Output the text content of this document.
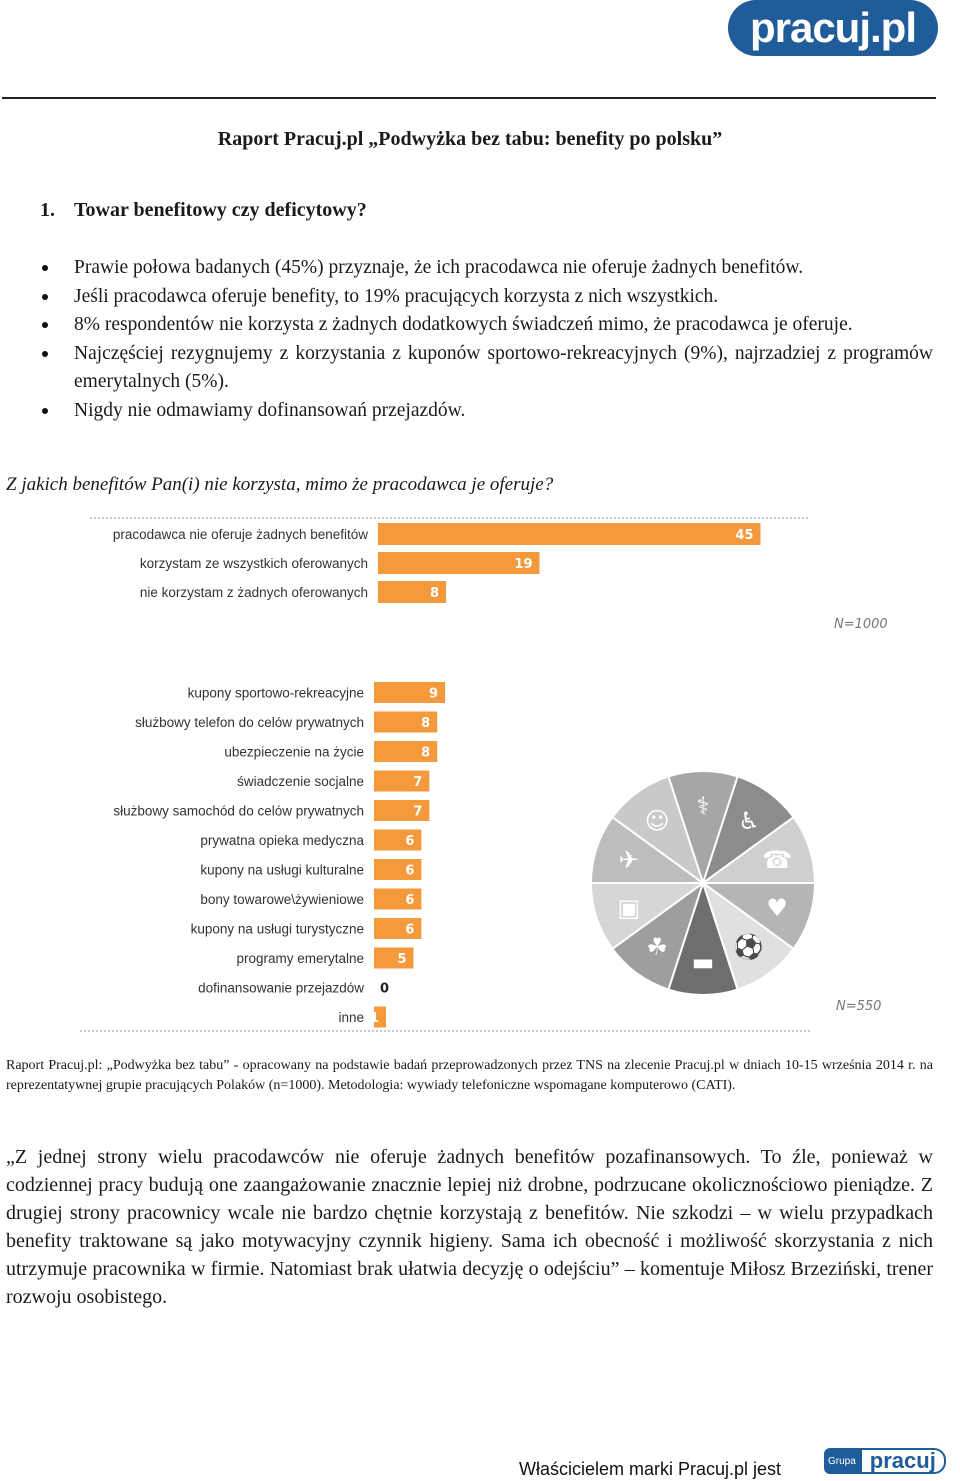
pracuj.pl
Raport Pracuj.pl „Podwyżka bez tabu: benefity po polsku”
1. Towar benefitowy czy deficytowy?
Prawie połowa badanych (45%) przyznaje, że ich pracodawca nie oferuje żadnych benefitów.
Jeśli pracodawca oferuje benefity, to 19% pracujących korzysta z nich wszystkich.
8% respondentów nie korzysta z żadnych dodatkowych świadczeń mimo, że pracodawca je oferuje.
Najczęściej rezygnujemy z korzystania z kuponów sportowo-rekreacyjnych (9%), najrzadziej z programów emerytalnych (5%).
Nigdy nie odmawiamy dofinansowań przejazdów.
Z jakich benefitów Pan(i) nie korzysta, mimo że pracodawca je oferuje?
pracodawca nie oferuje żadnych benefitów	45
korzystam ze wszystkich oferowanych	19
nie korzystam z żadnych oferowanych	8
N=1000
kupony sportowo-rekreacyjne	9
służbowy telefon do celów prywatnych	8
ubezpieczenie na życie	8
świadczenie socjalne	7
służbowy samochód do celów prywatnych	7
prywatna opieka medyczna	6
kupony na usługi kulturalne	6
bony towarowe\żywieniowe	6
kupony na usługi turystyczne	6
programy emerytalne	5
dofinansowanie przejazdów 0
inne 1
N=550
⚕
♿
☎
♥
⚽
▬
☘
▣
✈
☺
Raport Pracuj.pl: „Podwyżka bez tabu” - opracowany na podstawie badań przeprowadzonych przez TNS na zlecenie Pracuj.pl w dniach 10-15 września 2014 r. na reprezentatywnej grupie pracujących Polaków (n=1000). Metodologia: wywiady telefoniczne wspomagane komputerowo (CATI).
„Z jednej strony wielu pracodawców nie oferuje żadnych benefitów pozafinansowych. To źle, ponieważ w codziennej pracy budują one zaangażowanie znacznie lepiej niż drobne, podrzucane okolicznościowo pieniądze. Z drugiej strony pracownicy wcale nie bardzo chętnie korzystają z benefitów. Nie szkodzi – w wielu przypadkach benefity traktowane są jako motywacyjny czynnik higieny. Sama ich obecność i możliwość skorzystania z nich utrzymuje pracownika w firmie. Natomiast brak ułatwia decyzję o odejściu” – komentuje Miłosz Brzeziński, trener rozwoju osobistego.
Właścicielem marki Pracuj.pl jest	Grupa pracuj
